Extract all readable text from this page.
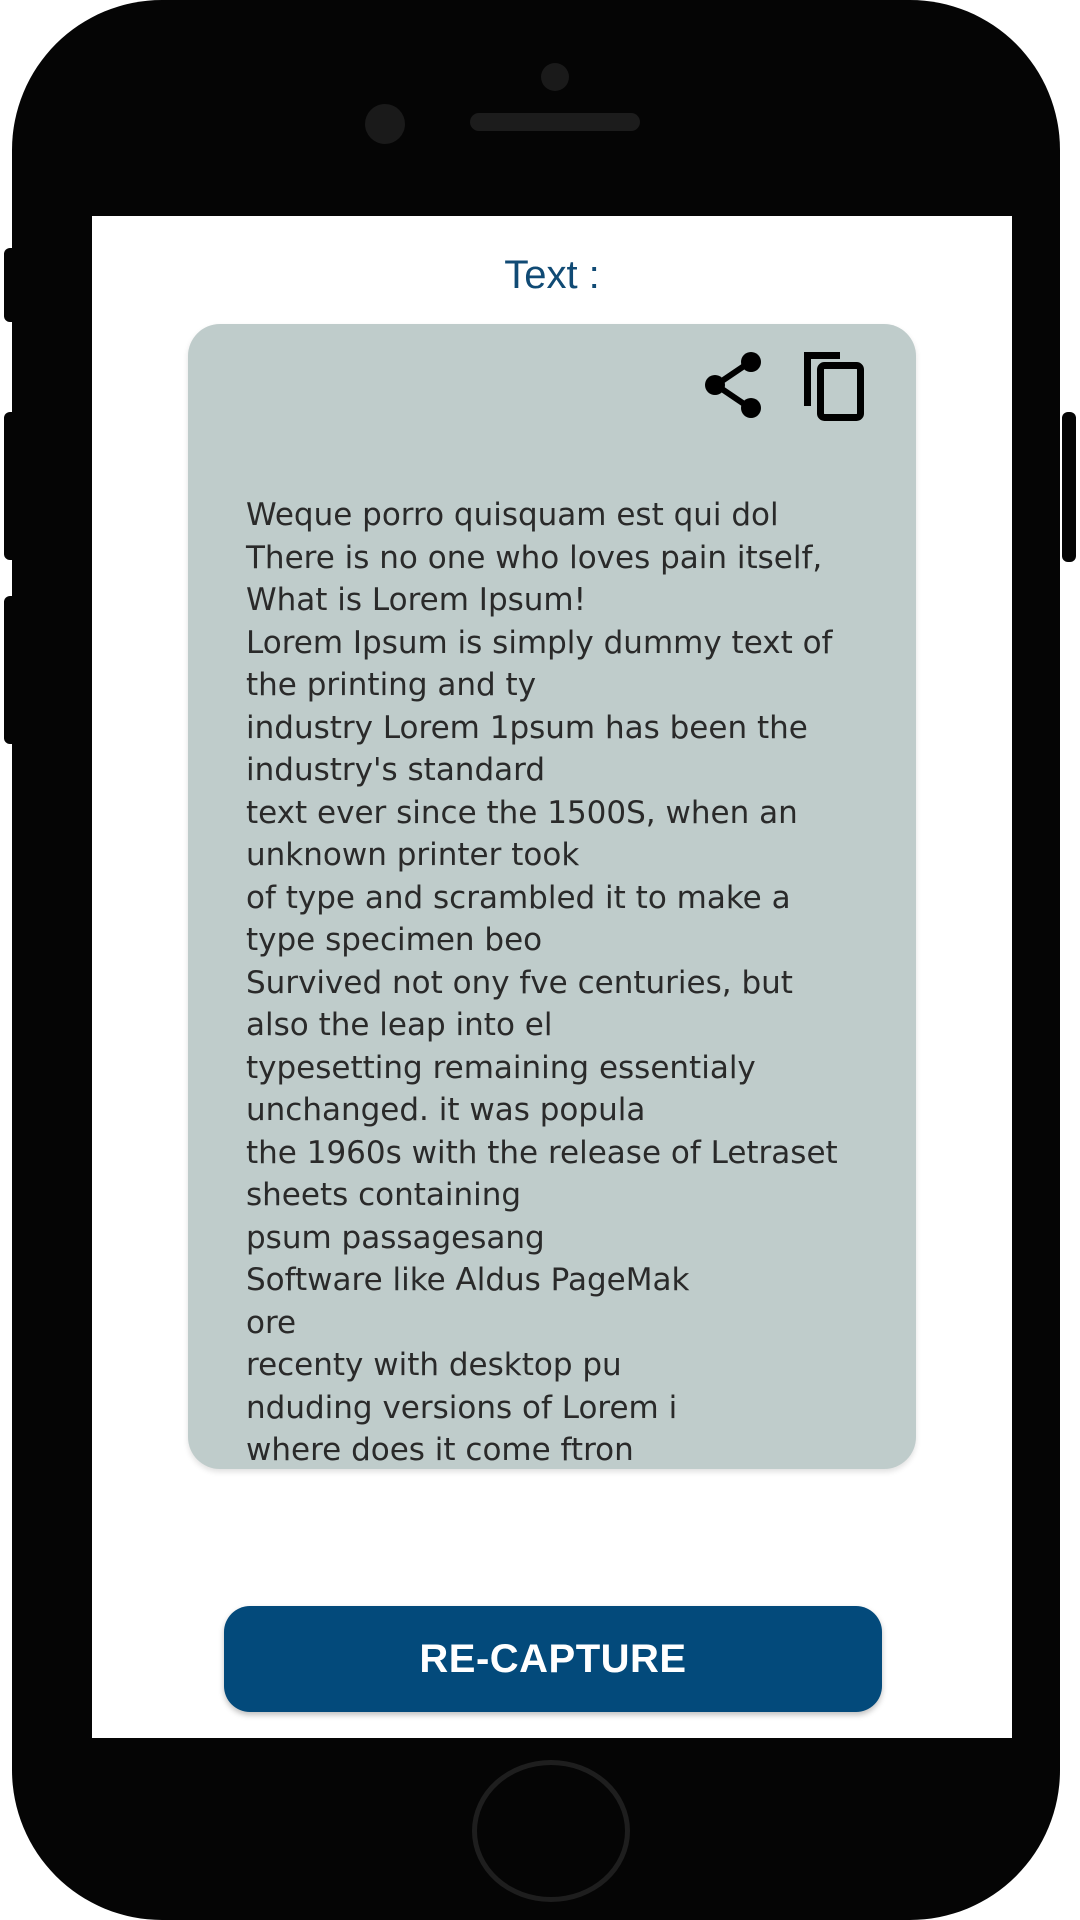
Text :
Weque porro quisquam est qui dol
There is no one who loves pain itself,
What is Lorem Ipsum!
Lorem Ipsum is simply dummy text of
the printing and ty
industry Lorem 1psum has been the
industry's standard
text ever since the 1500S, when an
unknown printer took
of type and scrambled it to make a
type specimen beo
Survived not ony fve centuries, but
also the leap into el
typesetting remaining essentialy
unchanged. it was popula
the 1960s with the release of Letraset
sheets containing
psum passagesang
Software like Aldus PageMak
ore
recenty with desktop pu
nduding versions of Lorem i
where does it come ftron
RE-CAPTURE
